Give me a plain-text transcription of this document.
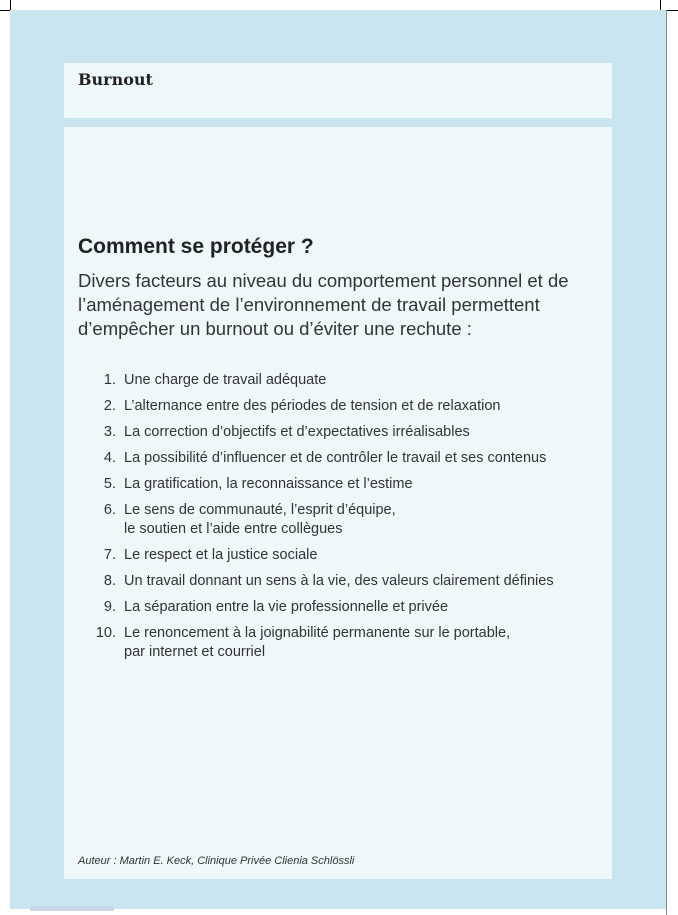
Burnout
Comment se protéger ?
Divers facteurs au niveau du comportement personnel et de l’aménagement de l’environnement de travail permettent d’empêcher un burnout ou d’éviter une rechute :
1. Une charge de travail adéquate
2. L’alternance entre des périodes de tension et de relaxation
3. La correction d’objectifs et d’expectatives irréalisables
4. La possibilité d’influencer et de contrôler le travail et ses contenus
5. La gratification, la reconnaissance et l’estime
6. Le sens de communauté, l’esprit d’équipe,
le soutien et l’aide entre collègues
7. Le respect et la justice sociale
8. Un travail donnant un sens à la vie, des valeurs clairement définies
9. La séparation entre la vie professionnelle et privée
10. Le renoncement à la joignabilité permanente sur le portable,
par internet et courriel
Auteur : Martin E. Keck, Clinique Privée Clienia Schlössli
